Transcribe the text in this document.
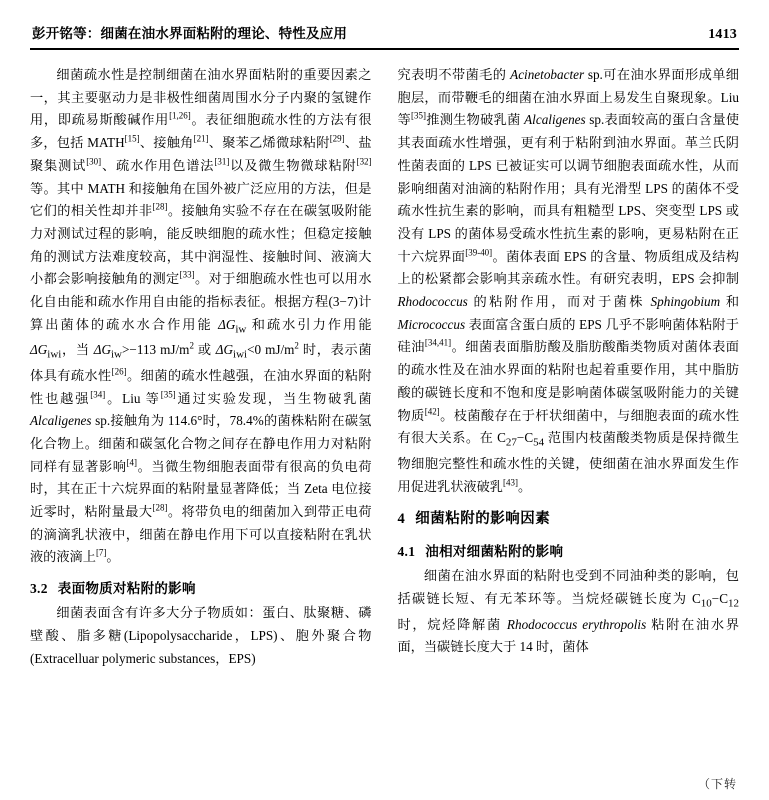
彭开铭等：细菌在油水界面粘附的理论、特性及应用	1413

细菌疏水性是控制细菌在油水界面粘附的重要因素之一，其主要驱动力是非极性细菌周围水分子内聚的氢键作用，即疏易斯酸碱作用[1,26]。表征细胞疏水性的方法有很多，包括 MATH[15]、接触角[21]、聚苯乙烯微球粘附[29]、盐聚集测试[30]、疏水作用色谱法[31]以及微生物微球粘附[32]等。其中 MATH 和接触角在国外被广泛应用的方法，但是它们的相关性却并非[28]。接触角实验不存在在碳氢吸附能力对测试过程的影响，能反映细胞的疏水性；但稳定接触角的测试方法难度较高，其中润湿性、接触时间、液滴大小都会影响接触角的测定[33]。对于细胞疏水性也可以用水化自由能和疏水作用自由能的指标表征。根据方程(3−7)计算出菌体的疏水水合作用能 $\Delta G_{iw}$ 和疏水引力作用能 $\Delta G_{iwi}$，当 $\Delta G_{iw}>-113$ $mJ/m^2$ 或 $\Delta G_{iwi}<0$ $mJ/m^2$ 时，表示菌体具有疏水性[26]。细菌的疏水性越强，在油水界面的粘附性也越强[34]。Liu 等[35]通过实验发现，当生物破乳菌 Alcaligenes sp.接触角为 114.6°时，78.4%的菌株粘附在碳氢化合物上。细菌和碳氢化合物之间存在静电作用力对粘附同样有显著影响[4]。当微生物细胞表面带有很高的负电荷时，其在正十六烷界面的粘附量显著降低；当 Zeta 电位接近零时，粘附量最大[28]。将带负电的细菌加入到带正电荷的滴滴乳状液中，细菌在静电作用下可以直接粘附在乳状液的液滴上[7]。

3.2 表面物质对粘附的影响

细菌表面含有许多大分子物质如：蛋白、肽聚糖、磷壁酸、脂多糖(Lipopolysaccharide，LPS)、胞外聚合物(Extracelluar polymeric substances，EPS)

究表明不带菌毛的 Acinetobacter sp.可在油水界面形成单细胞层，而带鞭毛的细菌在油水界面上易发生自聚现象。Liu 等[35]推测生物破乳菌 Alcaligenes sp.表面较高的蛋白含量使其表面疏水性增强，更有利于粘附到油水界面。革兰氏阴性菌表面的 LPS 已被证实可以调节细胞表面疏水性，从而影响细菌对油滴的粘附作用；具有光滑型 LPS 的菌体不受疏水性抗生素的影响，而具有粗糙型 LPS、突变型 LPS 或没有 LPS 的菌体易受疏水性抗生素的影响，更易粘附在正十六烷界面[39-40]。菌体表面 EPS 的含量、物质组成及结构上的松紧都会影响其亲疏水性。有研究表明，EPS 会抑制 Rhodococcus 的粘附作用，而对于菌株 Sphingobium 和 Micrococcus 表面富含蛋白质的 EPS 几乎不影响菌体粘附于硅油[34,41]。细菌表面脂肪酸及脂肪酸酯类物质对菌体表面的疏水性及在油水界面的粘附也起着重要作用，其中脂肪酸的碳链长度和不饱和度是影响菌体碳氢吸附能力的关键物质[42]。枝菌酸存在于杆状细菌中，与细胞表面的疏水性有很大关系。在 $C_{27}-C_{54}$ 范围内枝菌酸类物质是保持微生物细胞完整性和疏水性的关键，使细菌在油水界面发生作用促进乳状液破乳[43]。

4 细菌粘附的影响因素
4.1 油相对细菌粘附的影响

细菌在油水界面的粘附也受到不同油种类的影响，包括碳链长短、有无苯环等。当烷烃碳链长度为 $C_{10}-C_{12}$ 时，烷烃降解菌 Rhodococcus erythropolis 粘附在油水界面，当碳链长度大于 14 时，菌体

（下转
